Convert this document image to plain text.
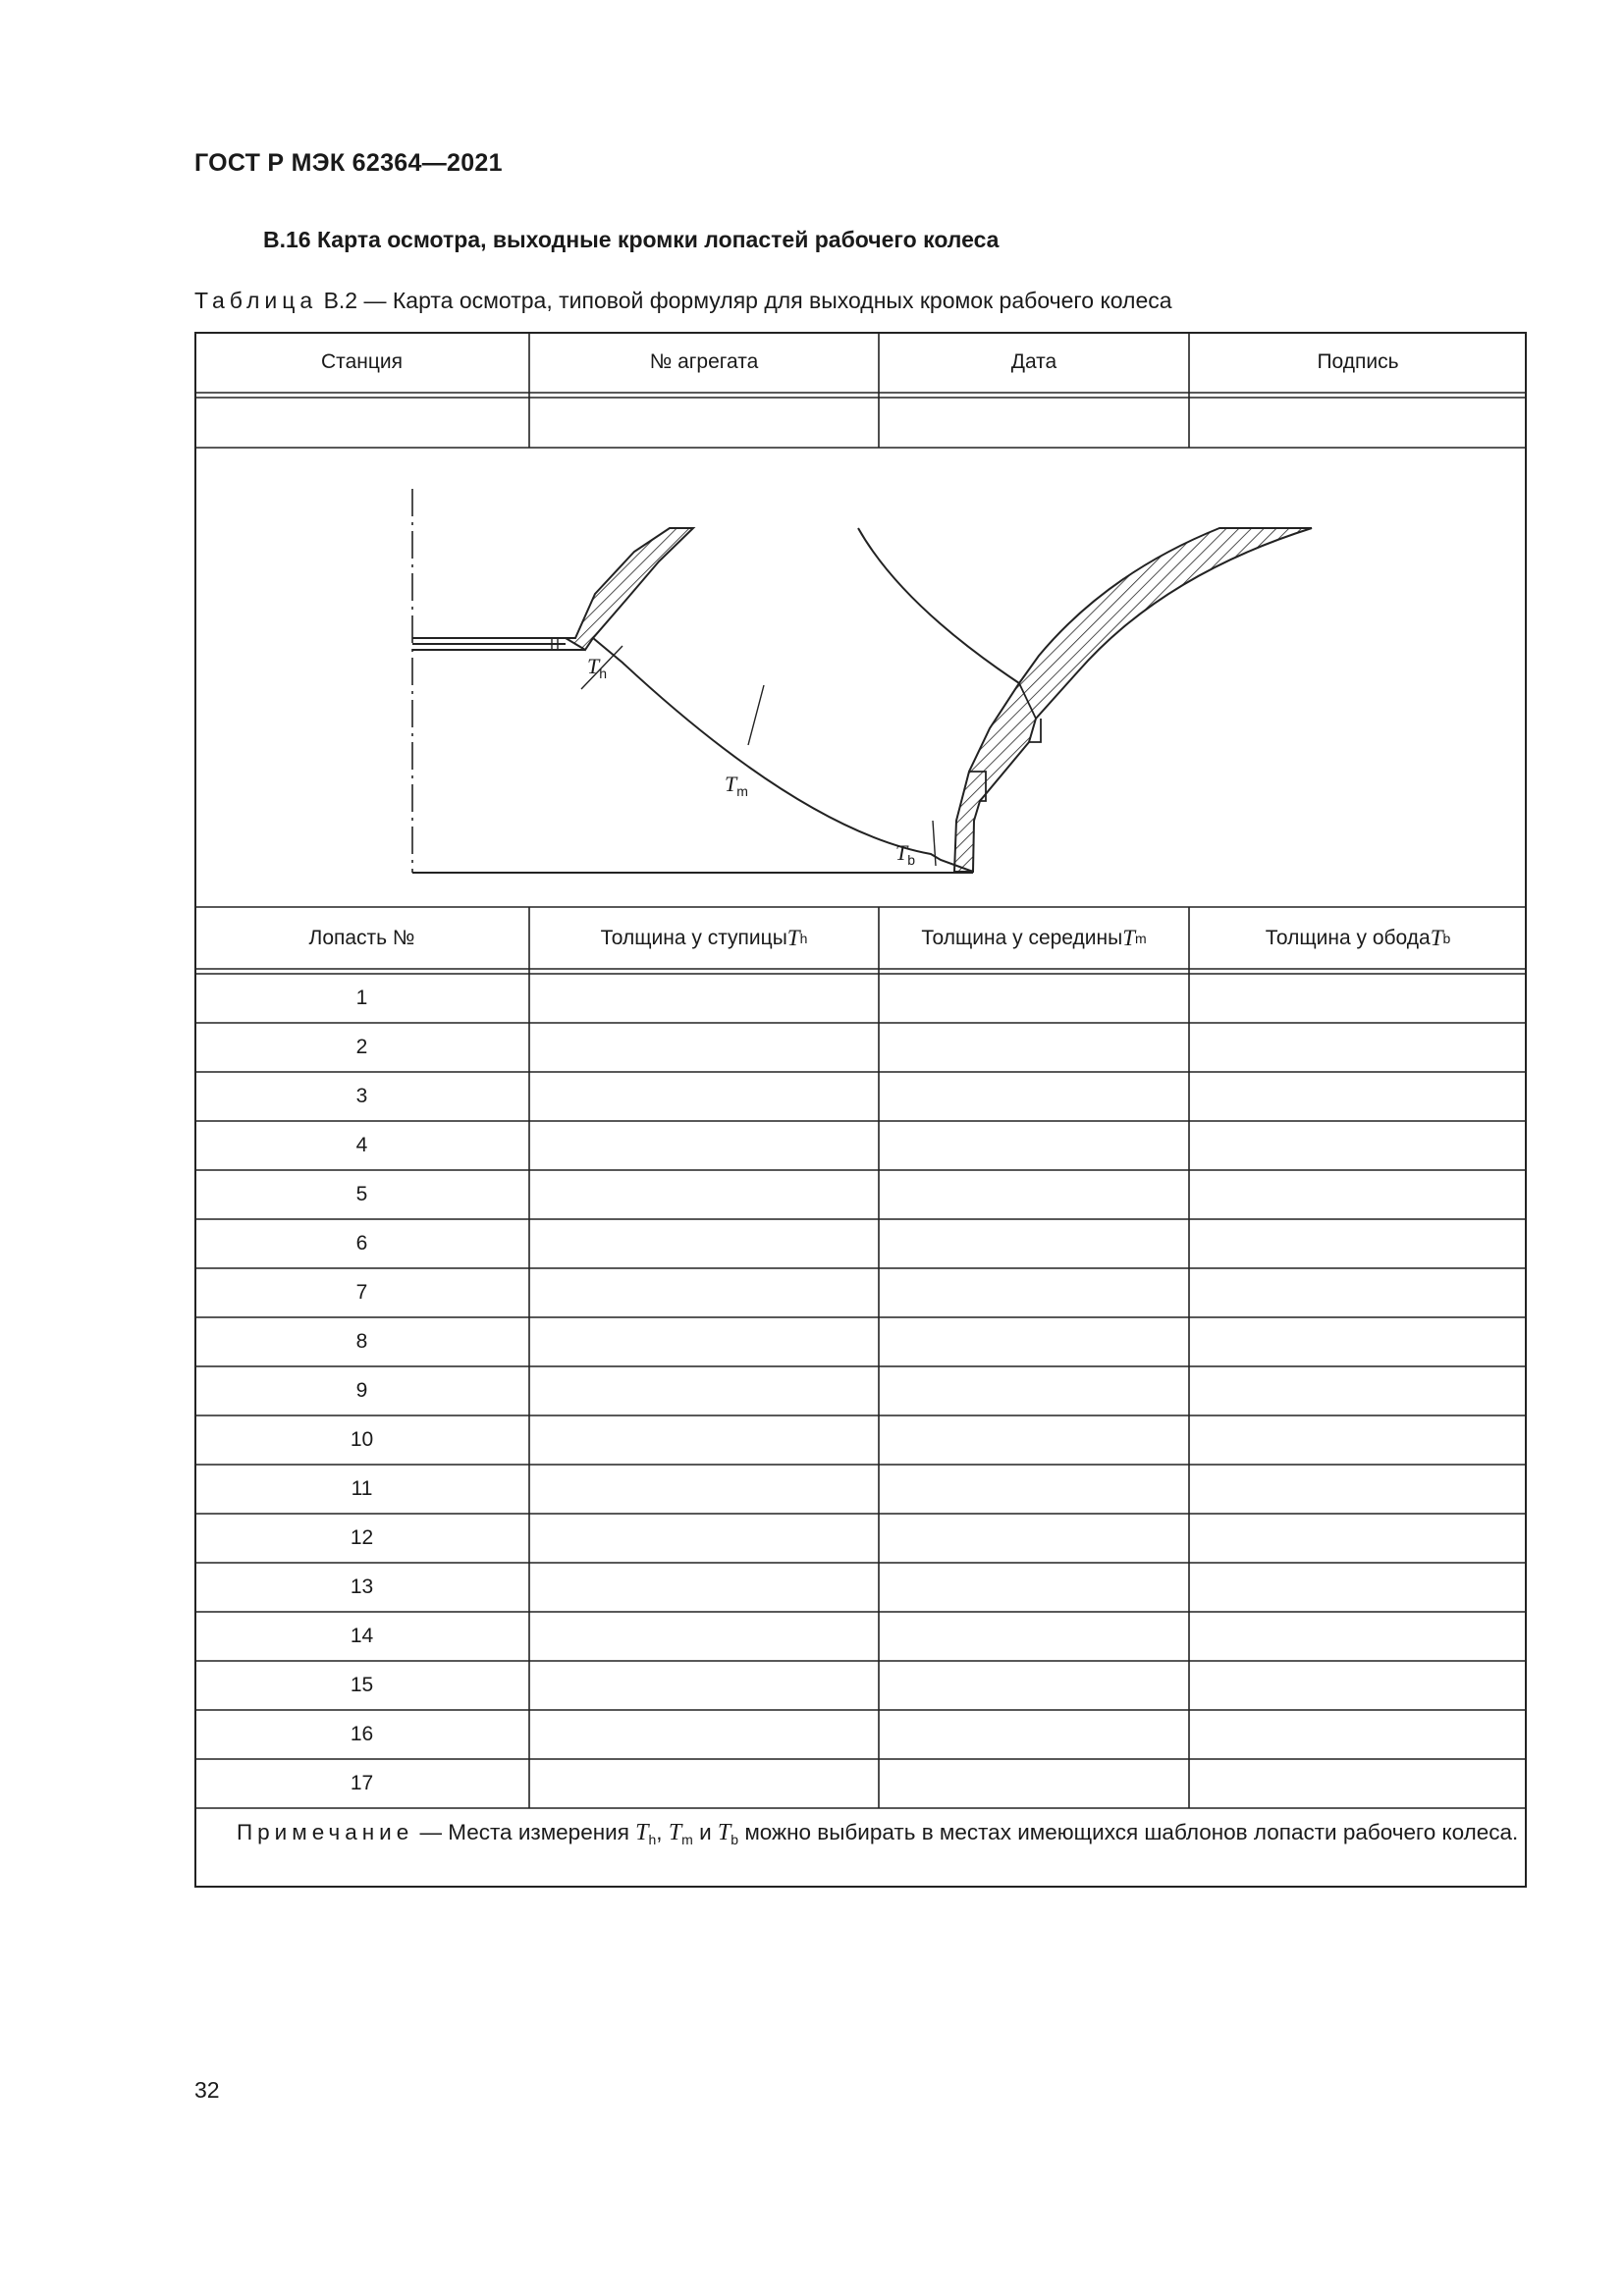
ГОСТ Р МЭК 62364—2021
B.16 Карта осмотра, выходные кромки лопастей рабочего колеса
Таблица B.2 — Карта осмотра, типовой формуляр для выходных кромок рабочего колеса
$T_h$
$T_m$
$T_b$
Станция	№ агрегата	Дата	Подпись
Лопасть №	Толщина у ступицы T h	Толщина у середины T m	Толщина у обода T b
1
2
3
4
5
6
7
8
9
10
11
12
13
14
15
16
17
Примечание — Места измерения $T_h$, $T_m$ и $T_b$ можно выбирать в местах имеющихся шаблонов лопасти рабочего колеса.
32
